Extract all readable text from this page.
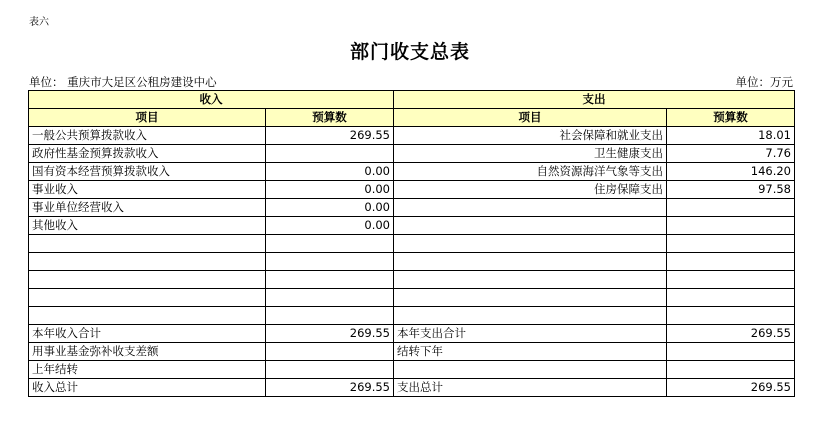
表六
部门收支总表
单位： 重庆市大足区公租房建设中心	单位：万元
收入		支出	
项目	预算数	项目	预算数
一般公共预算拨款收入	269.55	社会保障和就业支出	18.01
政府性基金预算拨款收入		卫生健康支出	7.76
国有资本经营预算拨款收入	0.00	自然资源海洋气象等支出	146.20
事业收入	0.00	住房保障支出	97.58
事业单位经营收入	0.00		
其他收入	0.00		

本年收入合计	269.55	本年支出合计	269.55
用事业基金弥补收支差额		结转下年	
上年结转			
收入总计	269.55	支出总计	269.55
